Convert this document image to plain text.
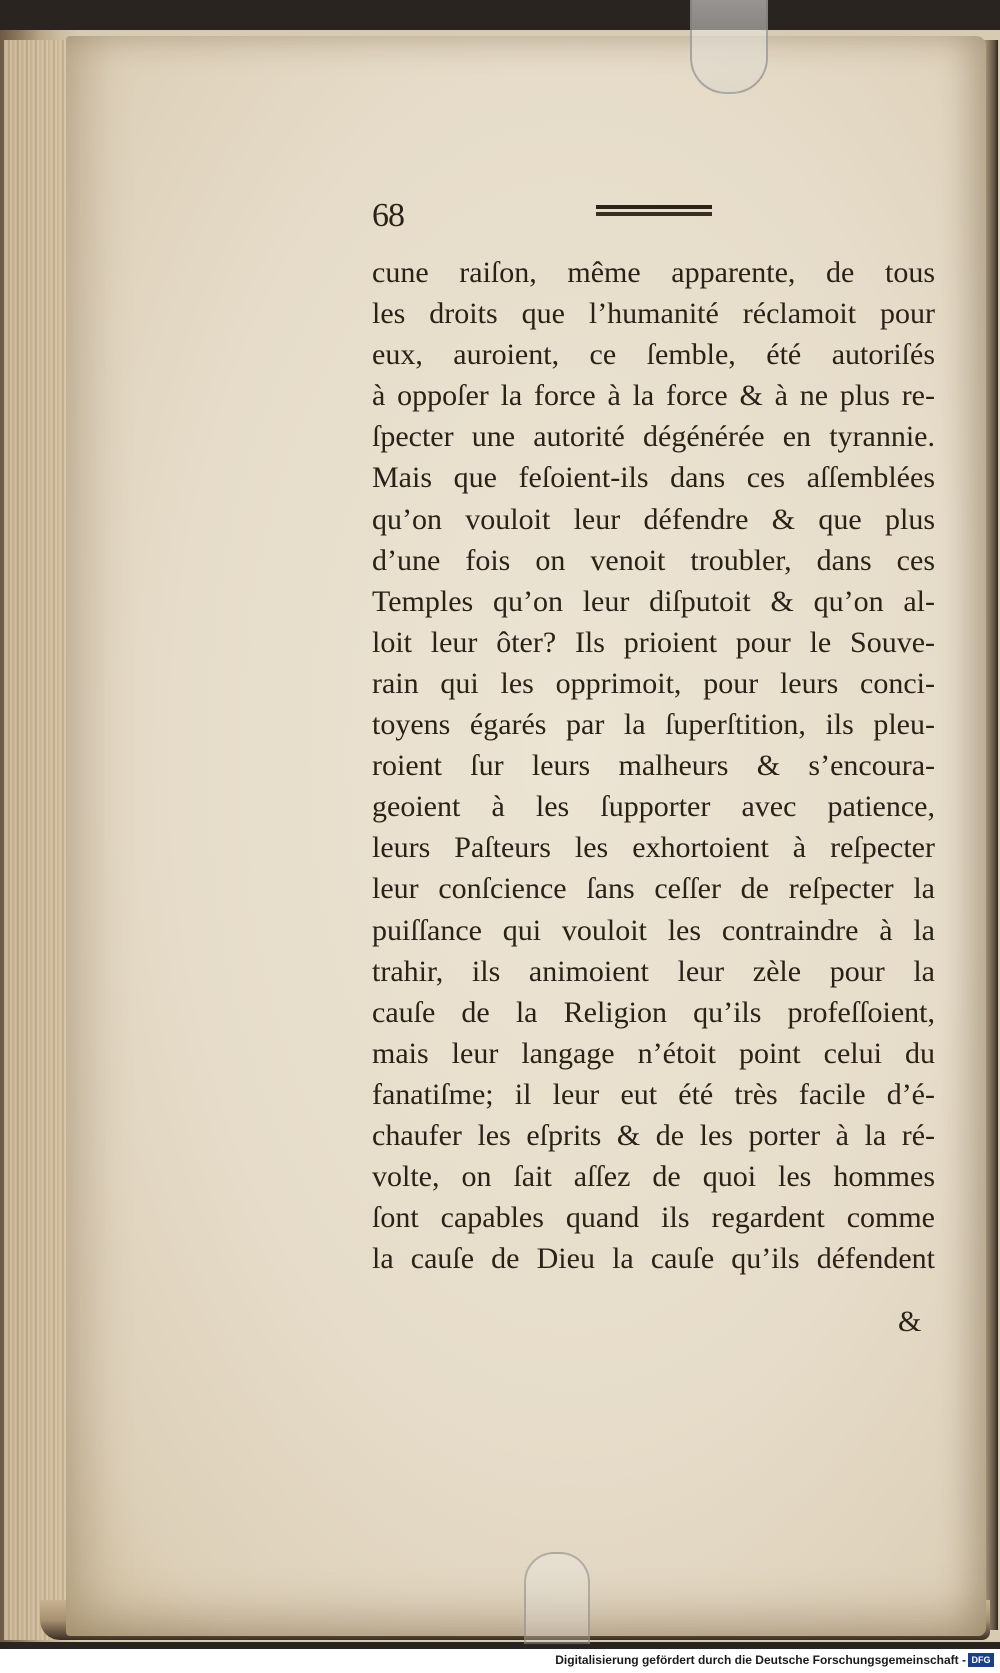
68
cune raiſon, même apparente, de tous
les droits que l’humanité réclamoit pour
eux, auroient, ce ſemble, été autoriſés
à oppoſer la force à la force & à ne plus re-
ſpecter une autorité dégénérée en tyrannie.
Mais que feſoient-ils dans ces aſſemblées
qu’on vouloit leur défendre & que plus
d’une fois on venoit troubler, dans ces
Temples qu’on leur diſputoit & qu’on al-
loit leur ôter? Ils prioient pour le Souve-
rain qui les opprimoit, pour leurs conci-
toyens égarés par la ſuperſtition, ils pleu-
roient ſur leurs malheurs & s’encoura-
geoient à les ſupporter avec patience,
leurs Paſteurs les exhortoient à reſpecter
leur conſcience ſans ceſſer de reſpecter la
puiſſance qui vouloit les contraindre à la
trahir, ils animoient leur zèle pour la
cauſe de la Religion qu’ils profeſſoient,
mais leur langage n’étoit point celui du
fanatiſme; il leur eut été très facile d’é-
chaufer les eſprits & de les porter à la ré-
volte, on ſait aſſez de quoi les hommes
ſont capables quand ils regardent comme
la cauſe de Dieu la cauſe qu’ils défendent
&
Digitalisierung gefördert durch die Deutsche Forschungsgemeinschaft - DFG
